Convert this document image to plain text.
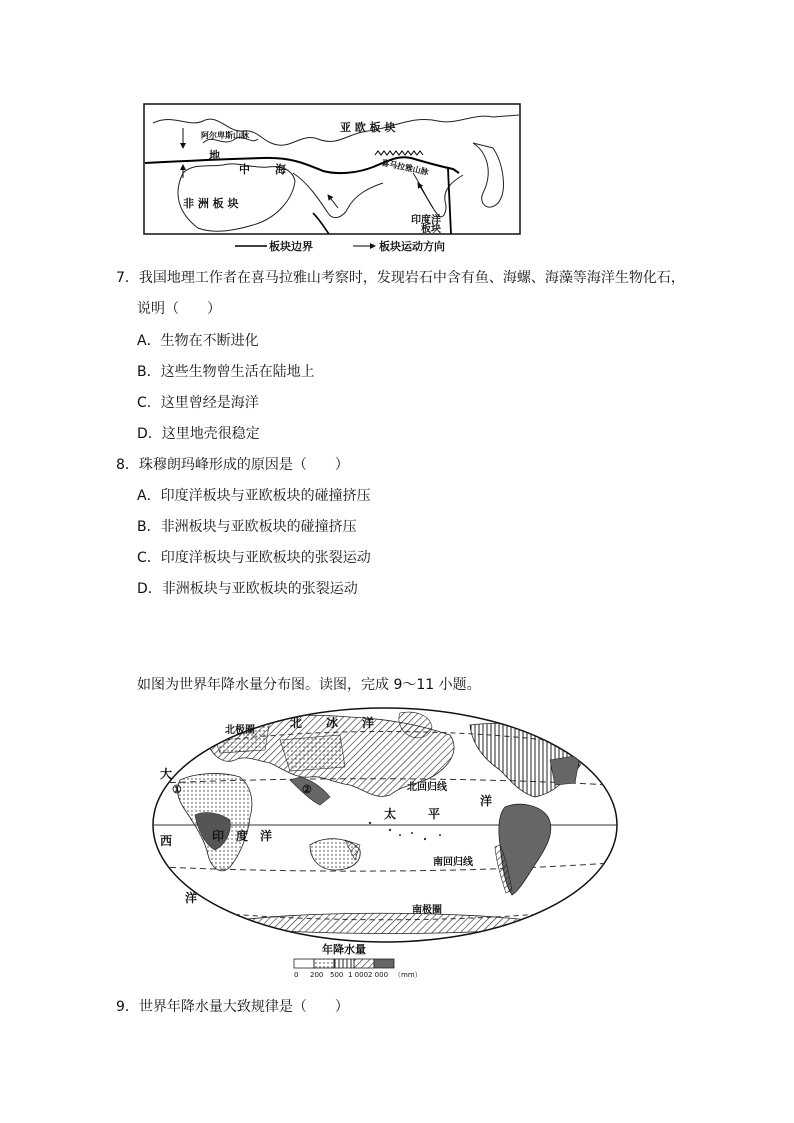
亚 欧 板 块
阿尔卑斯山脉
地
中 海	喜马拉雅山脉
非 洲 板 块
印度洋
板块
板块边界	板块运动方向
7．我国地理工作者在喜马拉雅山考察时，发现岩石中含有鱼、海螺、海藻等海洋生物化石，
说明（　　）
A．生物在不断进化
B．这些生物曾生活在陆地上
C．这里曾经是海洋
D．这里地壳很稳定
8．珠穆朗玛峰形成的原因是（　　）
A．印度洋板块与亚欧板块的碰撞挤压
B．非洲板块与亚欧板块的碰撞挤压
C．印度洋板块与亚欧板块的张裂运动
D．非洲板块与亚欧板块的张裂运动
如图为世界年降水量分布图。读图，完成 9～11 小题。
北极圈
北　　冰　　洋
大
①	②	北回归线
西	印　度　洋
太	平
洋
南回归线
洋
南极圈
年降水量
0 200 500 1 000 2 000 （mm）
9．世界年降水量大致规律是（　　）
